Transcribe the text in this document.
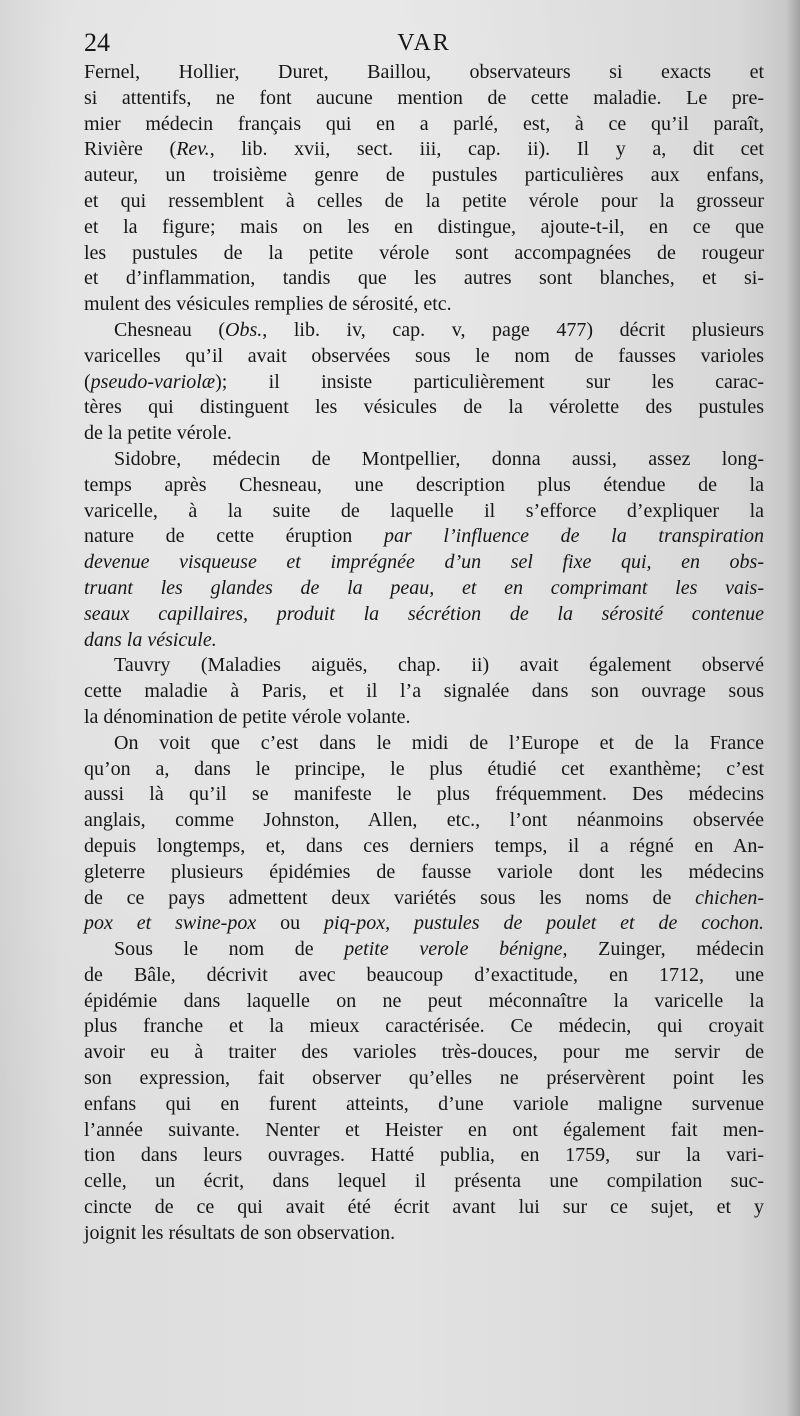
24	VAR
Fernel, Hollier, Duret, Baillou, observateurs si exacts et
si attentifs, ne font aucune mention de cette maladie. Le pre-
mier médecin français qui en a parlé, est, à ce qu’il paraît,
Rivière (Rev., lib. xvii, sect. iii, cap. ii). Il y a, dit cet
auteur, un troisième genre de pustules particulières aux enfans,
et qui ressemblent à celles de la petite vérole pour la grosseur
et la figure; mais on les en distingue, ajoute-t-il, en ce que
les pustules de la petite vérole sont accompagnées de rougeur
et d’inflammation, tandis que les autres sont blanches, et si-
mulent des vésicules remplies de sérosité, etc.
Chesneau (Obs., lib. iv, cap. v, page 477) décrit plusieurs
varicelles qu’il avait observées sous le nom de fausses varioles
(pseudo-variolæ); il insiste particulièrement sur les carac-
tères qui distinguent les vésicules de la vérolette des pustules
de la petite vérole.
Sidobre, médecin de Montpellier, donna aussi, assez long-
temps après Chesneau, une description plus étendue de la
varicelle, à la suite de laquelle il s’efforce d’expliquer la
nature de cette éruption par l’influence de la transpiration
devenue visqueuse et imprégnée d’un sel fixe qui, en obs-
truant les glandes de la peau, et en comprimant les vais-
seaux capillaires, produit la sécrétion de la sérosité contenue
dans la vésicule.
Tauvry (Maladies aiguës, chap. ii) avait également observé
cette maladie à Paris, et il l’a signalée dans son ouvrage sous
la dénomination de petite vérole volante.
On voit que c’est dans le midi de l’Europe et de la France
qu’on a, dans le principe, le plus étudié cet exanthème; c’est
aussi là qu’il se manifeste le plus fréquemment. Des médecins
anglais, comme Johnston, Allen, etc., l’ont néanmoins observée
depuis longtemps, et, dans ces derniers temps, il a régné en An-
gleterre plusieurs épidémies de fausse variole dont les médecins
de ce pays admettent deux variétés sous les noms de chichen-
pox et swine-pox ou piq-pox, pustules de poulet et de cochon.
Sous le nom de petite verole bénigne, Zuinger, médecin
de Bâle, décrivit avec beaucoup d’exactitude, en 1712, une
épidémie dans laquelle on ne peut méconnaître la varicelle la
plus franche et la mieux caractérisée. Ce médecin, qui croyait
avoir eu à traiter des varioles très-douces, pour me servir de
son expression, fait observer qu’elles ne préservèrent point les
enfans qui en furent atteints, d’une variole maligne survenue
l’année suivante. Nenter et Heister en ont également fait men-
tion dans leurs ouvrages. Hatté publia, en 1759, sur la vari-
celle, un écrit, dans lequel il présenta une compilation suc-
cincte de ce qui avait été écrit avant lui sur ce sujet, et y
joignit les résultats de son observation.
